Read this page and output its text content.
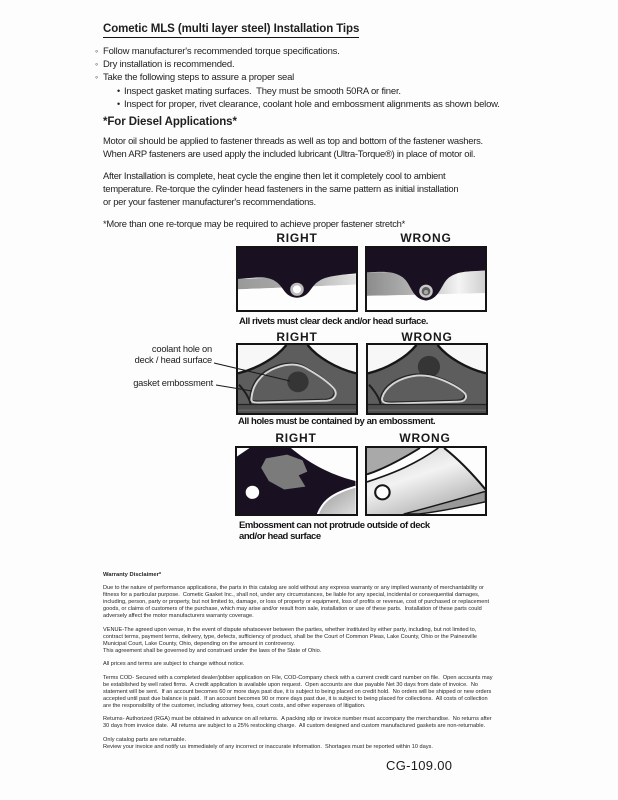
Cometic MLS (multi layer steel) Installation Tips
◦ Follow manufacturer's recommended torque specifications.
◦ Dry installation is recommended.
◦ Take the following steps to assure a proper seal
• Inspect gasket mating surfaces.  They must be smooth 50RA or finer.
• Inspect for proper, rivet clearance, coolant hole and embossment alignments as shown below.
*For Diesel Applications*
Motor oil should be applied to fastener threads as well as top and bottom of the fastener washers.
When ARP fasteners are used apply the included lubricant (Ultra-Torque®) in place of motor oil.
After Installation is complete, heat cycle the engine then let it completely cool to ambient
temperature. Re-torque the cylinder head fasteners in the same pattern as initial installation
or per your fastener manufacturer's recommendations.
*More than one re-torque may be required to achieve proper fastener stretch*
RIGHT	WRONG
All rivets must clear deck and/or head surface.
RIGHT	WRONG
coolant hole on
deck / head surface
gasket embossment
All holes must be contained by an embossment.
RIGHT	WRONG
Embossment can not protrude outside of deck
and/or head surface
Warranty Disclaimer*
Due to the nature of performance applications, the parts in this catalog are sold without any express warranty or any implied warranty of merchantability or
fitness for a particular purpose.  Cometic Gasket Inc., shall not, under any circumstances, be liable for any special, incidental or consequential damages,
including, person, party or property, but not limited to, damage, or loss of property or equipment, loss of profits or revenue, cost of purchased or replacement
goods, or claims of customers of the purchase, which may arise and/or result from sale, installation or use of these parts.  Installation of these parts could
adversely affect the motor manufacturers warranty coverage.
VENUE-The agreed upon venue, in the event of dispute whatsoever between the parties, whether instituted by either party, including, but not limited to,
contract terms, payment terms, delivery, type, defects, sufficiency of product, shall be the Court of Common Pleas, Lake County, Ohio or the Painesville
Municipal Court, Lake County, Ohio, depending on the amount in controversy.
This agreement shall be governed by and construed under the laws of the State of Ohio.
All prices and terms are subject to change without notice.
Terms COD- Secured with a completed dealer/jobber application on File, COD-Company check with a current credit card number on file.  Open accounts may
be established by well rated firms.  A credit application is available upon request.  Open accounts are due payable Net 30 days from date of invoice.  No
statement will be sent.  If an account becomes 60 or more days past due, it is subject to being placed on credit hold.  No orders will be shipped or new orders
accepted until past due balance is paid.  If an account becomes 90 or more days past due, it is subject to being placed for collections.  All costs of collection
are the responsibility of the customer, including attorney fees, court costs, and other expenses of litigation.
Returns- Authorized (RGA) must be obtained in advance on all returns.  A packing slip or invoice number must accompany the merchandise.  No returns after
30 days from invoice date.  All returns are subject to a 25% restocking charge.  All custom designed and custom manufactured gaskets are non-returnable.
Only catalog parts are returnable.
Review your invoice and notify us immediately of any incorrect or inaccurate information.  Shortages must be reported within 10 days.
CG-109.00
